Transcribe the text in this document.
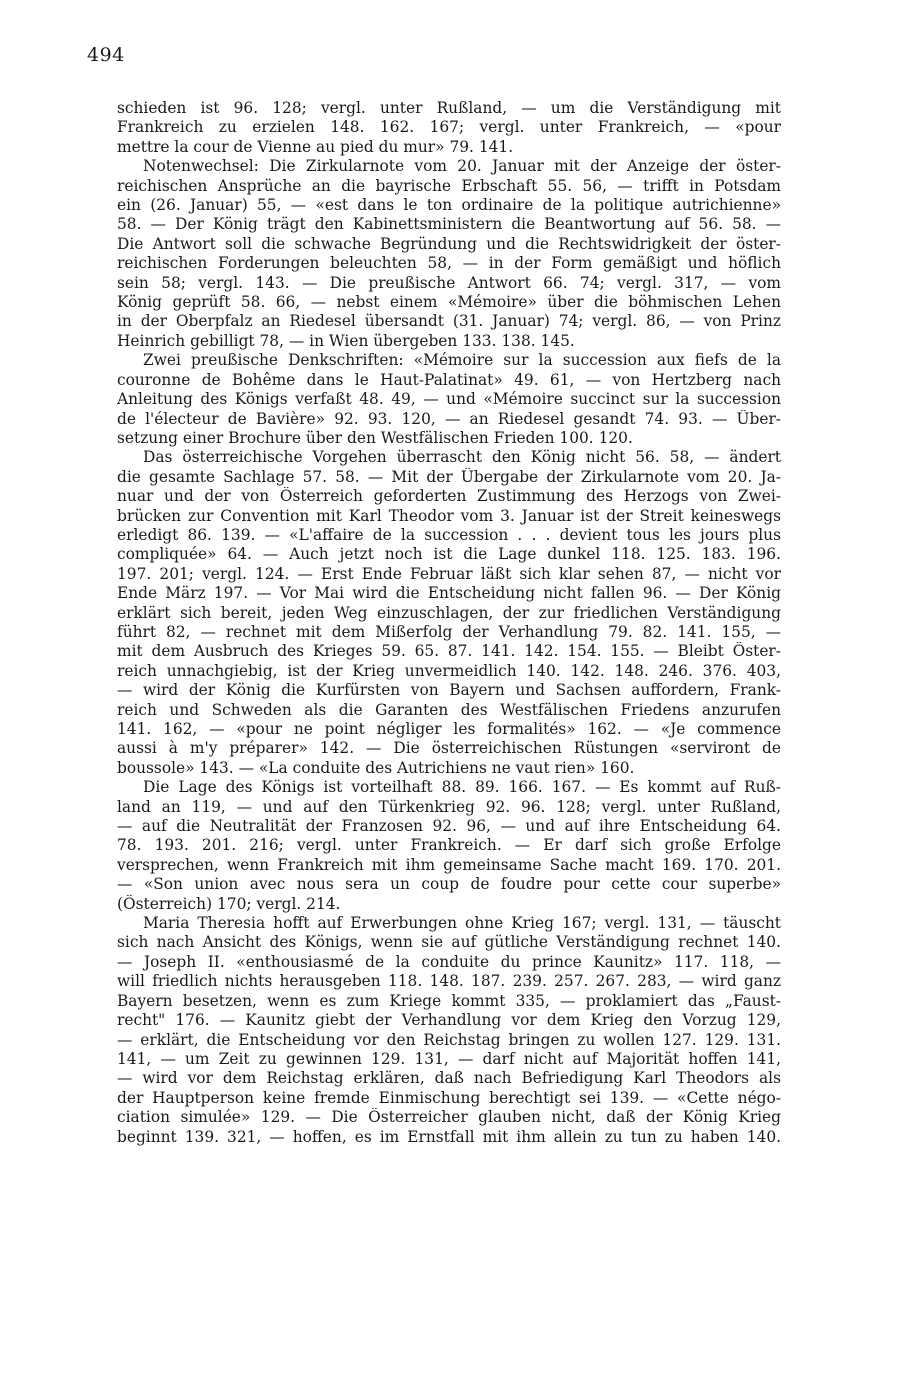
494
schieden ist 96. 128; vergl. unter Rußland, — um die Verständigung mit
Frankreich zu erzielen 148. 162. 167; vergl. unter Frankreich, — «pour
mettre la cour de Vienne au pied du mur» 79. 141.
Notenwechsel: Die Zirkularnote vom 20. Januar mit der Anzeige der öster-
reichischen Ansprüche an die bayrische Erbschaft 55. 56, — trifft in Potsdam
ein (26. Januar) 55, — «est dans le ton ordinaire de la politique autrichienne»
58. — Der König trägt den Kabinettsministern die Beantwortung auf 56. 58. —
Die Antwort soll die schwache Begründung und die Rechtswidrigkeit der öster-
reichischen Forderungen beleuchten 58, — in der Form gemäßigt und höflich
sein 58; vergl. 143. — Die preußische Antwort 66. 74; vergl. 317, — vom
König geprüft 58. 66, — nebst einem «Mémoire» über die böhmischen Lehen
in der Oberpfalz an Riedesel übersandt (31. Januar) 74; vergl. 86, — von Prinz
Heinrich gebilligt 78, — in Wien übergeben 133. 138. 145.
Zwei preußische Denkschriften: «Mémoire sur la succession aux fiefs de la
couronne de Bohême dans le Haut-Palatinat» 49. 61, — von Hertzberg nach
Anleitung des Königs verfaßt 48. 49, — und «Mémoire succinct sur la succession
de l'électeur de Bavière» 92. 93. 120, — an Riedesel gesandt 74. 93. — Über-
setzung einer Brochure über den Westfälischen Frieden 100. 120.
Das österreichische Vorgehen überrascht den König nicht 56. 58, — ändert
die gesamte Sachlage 57. 58. — Mit der Übergabe der Zirkularnote vom 20. Ja-
nuar und der von Österreich geforderten Zustimmung des Herzogs von Zwei-
brücken zur Convention mit Karl Theodor vom 3. Januar ist der Streit keineswegs
erledigt 86. 139. — «L'affaire de la succession . . . devient tous les jours plus
compliquée» 64. — Auch jetzt noch ist die Lage dunkel 118. 125. 183. 196.
197. 201; vergl. 124. — Erst Ende Februar läßt sich klar sehen 87, — nicht vor
Ende März 197. — Vor Mai wird die Entscheidung nicht fallen 96. — Der König
erklärt sich bereit, jeden Weg einzuschlagen, der zur friedlichen Verständigung
führt 82, — rechnet mit dem Mißerfolg der Verhandlung 79. 82. 141. 155, —
mit dem Ausbruch des Krieges 59. 65. 87. 141. 142. 154. 155. — Bleibt Öster-
reich unnachgiebig, ist der Krieg unvermeidlich 140. 142. 148. 246. 376. 403,
— wird der König die Kurfürsten von Bayern und Sachsen auffordern, Frank-
reich und Schweden als die Garanten des Westfälischen Friedens anzurufen
141. 162, — «pour ne point négliger les formalités» 162. — «Je commence
aussi à m'y préparer» 142. — Die österreichischen Rüstungen «serviront de
boussole» 143. — «La conduite des Autrichiens ne vaut rien» 160.
Die Lage des Königs ist vorteilhaft 88. 89. 166. 167. — Es kommt auf Ruß-
land an 119, — und auf den Türkenkrieg 92. 96. 128; vergl. unter Rußland,
— auf die Neutralität der Franzosen 92. 96, — und auf ihre Entscheidung 64.
78. 193. 201. 216; vergl. unter Frankreich. — Er darf sich große Erfolge
versprechen, wenn Frankreich mit ihm gemeinsame Sache macht 169. 170. 201.
— «Son union avec nous sera un coup de foudre pour cette cour superbe»
(Österreich) 170; vergl. 214.
Maria Theresia hofft auf Erwerbungen ohne Krieg 167; vergl. 131, — täuscht
sich nach Ansicht des Königs, wenn sie auf gütliche Verständigung rechnet 140.
— Joseph II. «enthousiasmé de la conduite du prince Kaunitz» 117. 118, —
will friedlich nichts herausgeben 118. 148. 187. 239. 257. 267. 283, — wird ganz
Bayern besetzen, wenn es zum Kriege kommt 335, — proklamiert das „Faust-
recht" 176. — Kaunitz giebt der Verhandlung vor dem Krieg den Vorzug 129,
— erklärt, die Entscheidung vor den Reichstag bringen zu wollen 127. 129. 131.
141, — um Zeit zu gewinnen 129. 131, — darf nicht auf Majorität hoffen 141,
— wird vor dem Reichstag erklären, daß nach Befriedigung Karl Theodors als
der Hauptperson keine fremde Einmischung berechtigt sei 139. — «Cette négo-
ciation simulée» 129. — Die Österreicher glauben nicht, daß der König Krieg
beginnt 139. 321, — hoffen, es im Ernstfall mit ihm allein zu tun zu haben 140.
